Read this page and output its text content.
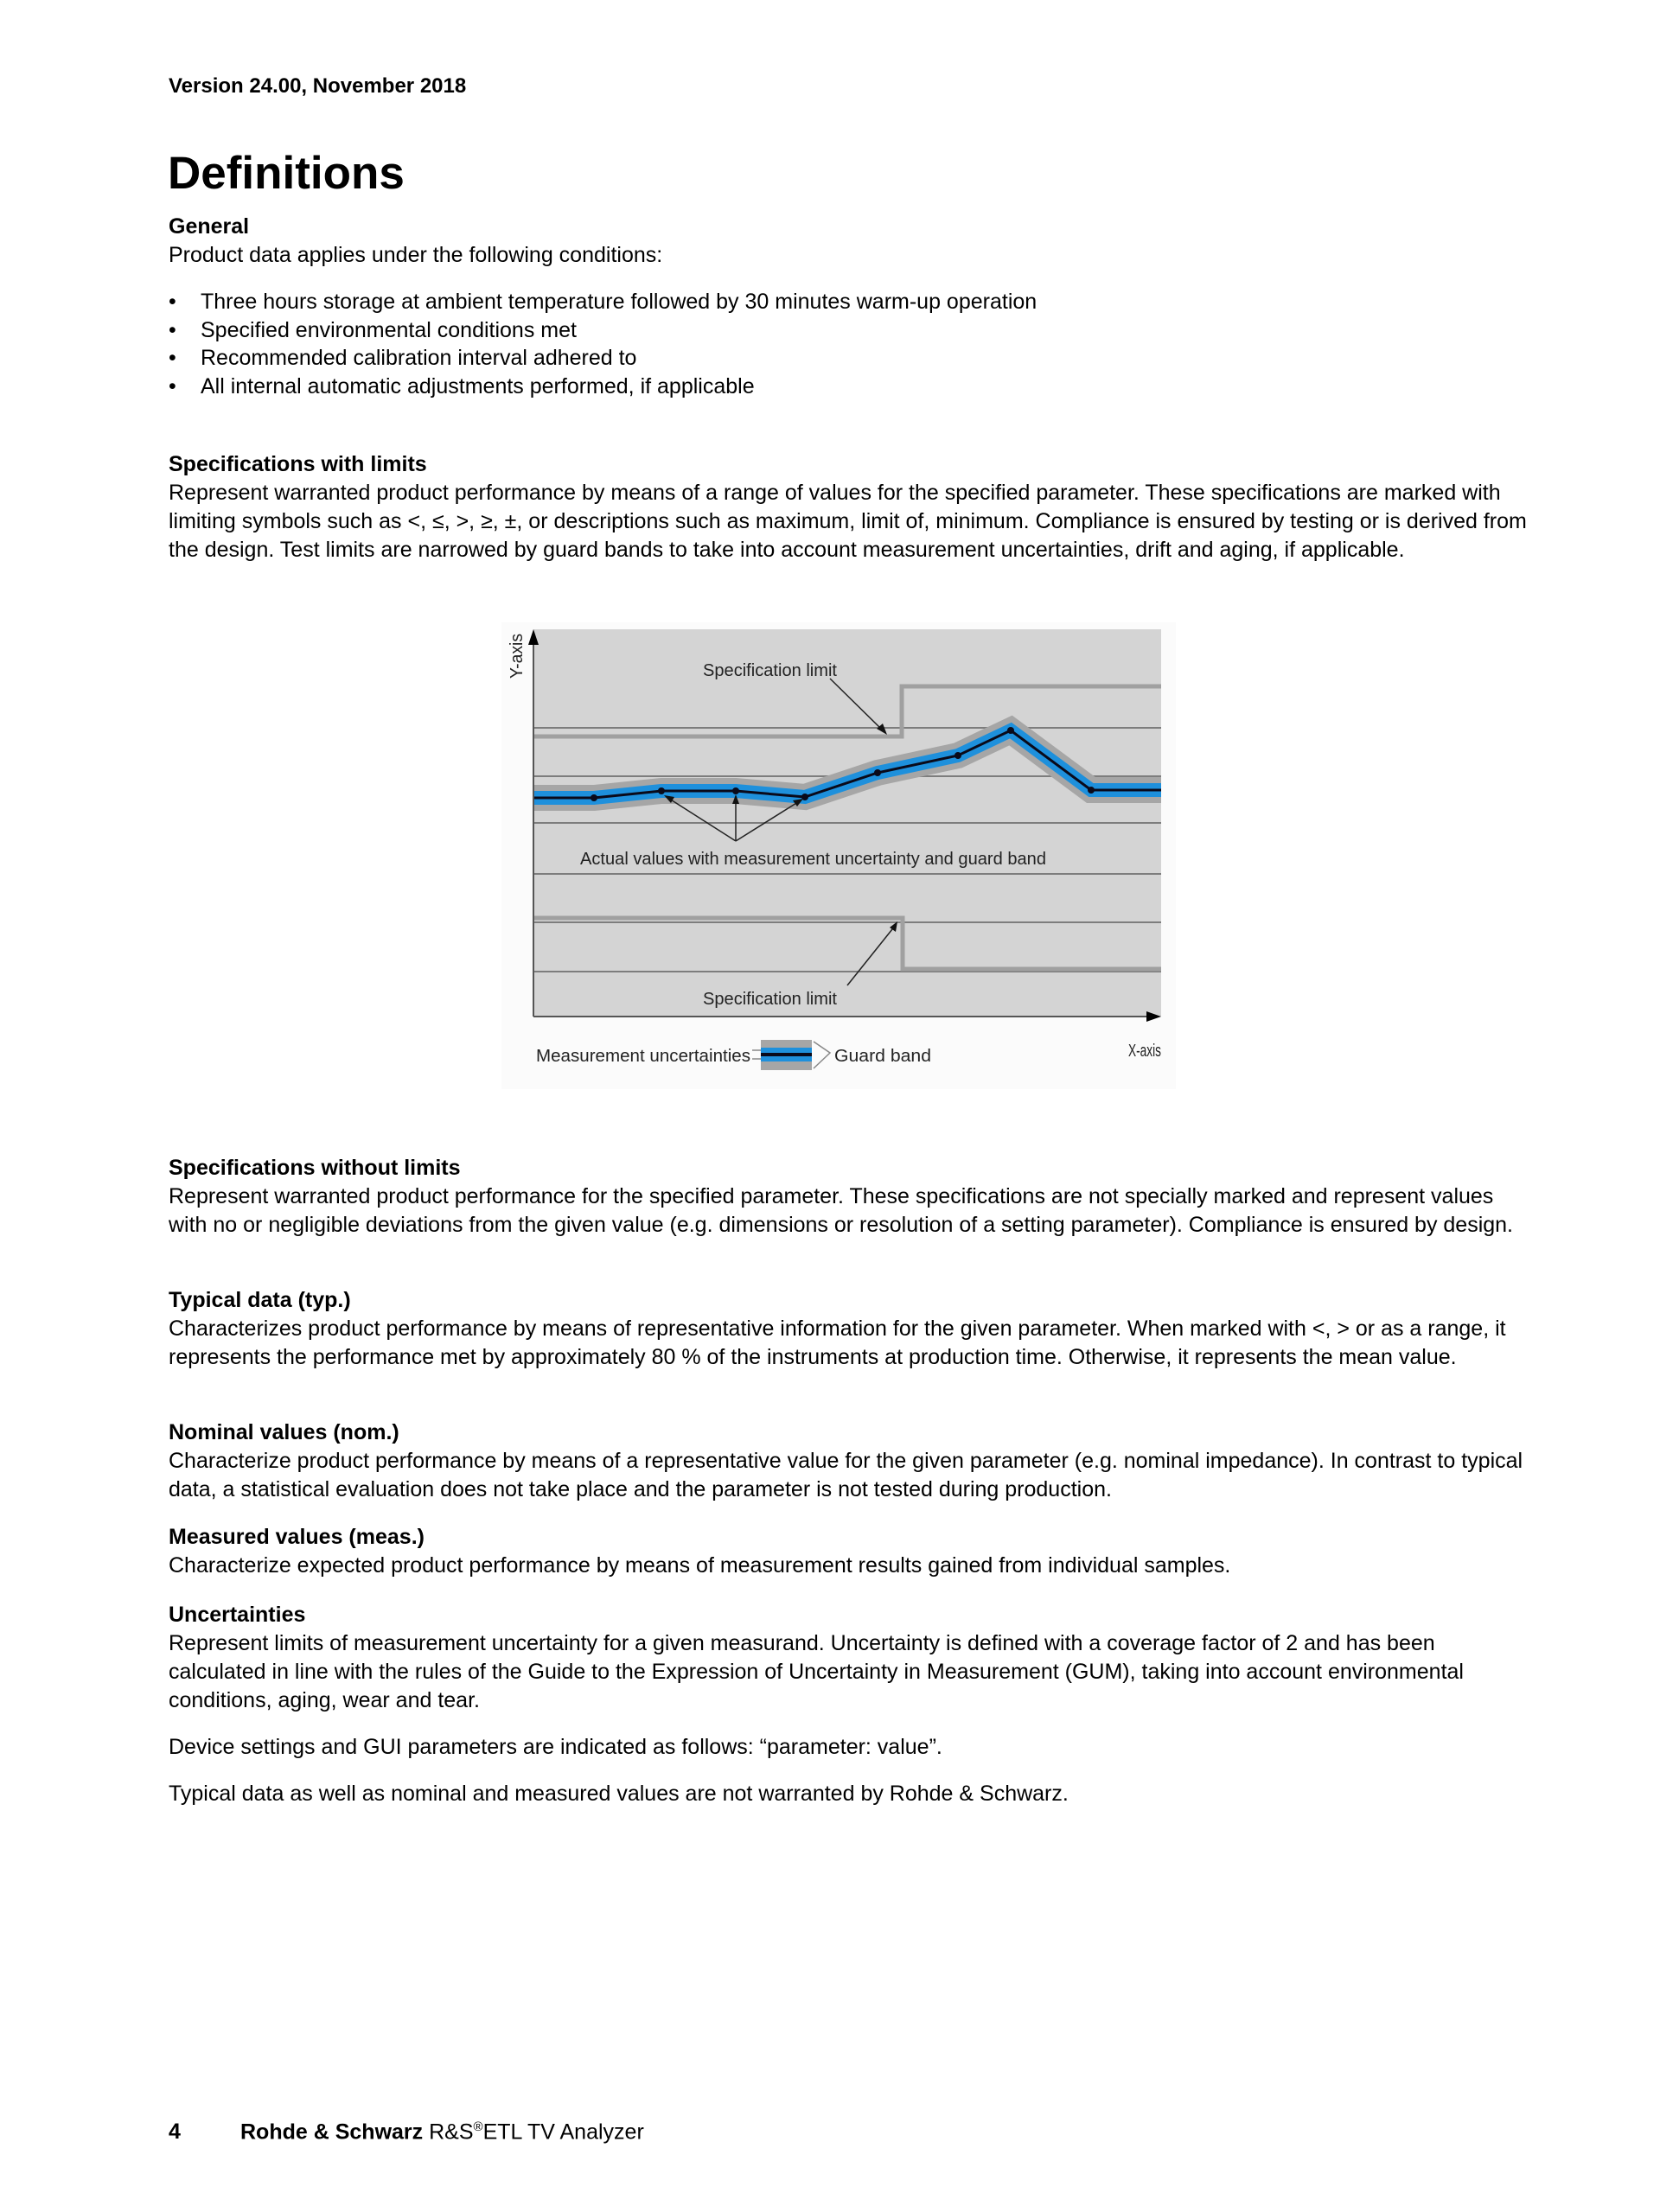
Version 24.00, November 2018
Definitions
General
Product data applies under the following conditions:
• Three hours storage at ambient temperature followed by 30 minutes warm-up operation
• Specified environmental conditions met
• Recommended calibration interval adhered to
• All internal automatic adjustments performed, if applicable
Specifications with limits
Represent warranted product performance by means of a range of values for the specified parameter. These specifications are marked with limiting symbols such as <, ≤, >, ≥, ±, or descriptions such as maximum, limit of, minimum. Compliance is ensured by testing or is derived from the design. Test limits are narrowed by guard bands to take into account measurement uncertainties, drift and aging, if applicable.
Specification limit
Actual values with measurement uncertainty and guard band
Specification limit
X-axis
Measurement uncertainties	Guard band
Y-axis
Specifications without limits
Represent warranted product performance for the specified parameter. These specifications are not specially marked and represent values with no or negligible deviations from the given value (e.g. dimensions or resolution of a setting parameter). Compliance is ensured by design.
Typical data (typ.)
Characterizes product performance by means of representative information for the given parameter. When marked with <, > or as a range, it represents the performance met by approximately 80 % of the instruments at production time. Otherwise, it represents the mean value.
Nominal values (nom.)
Characterize product performance by means of a representative value for the given parameter (e.g. nominal impedance). In contrast to typical data, a statistical evaluation does not take place and the parameter is not tested during production.
Measured values (meas.)
Characterize expected product performance by means of measurement results gained from individual samples.
Uncertainties
Represent limits of measurement uncertainty for a given measurand. Uncertainty is defined with a coverage factor of 2 and has been calculated in line with the rules of the Guide to the Expression of Uncertainty in Measurement (GUM), taking into account environmental conditions, aging, wear and tear.
Device settings and GUI parameters are indicated as follows: “parameter: value”.
Typical data as well as nominal and measured values are not warranted by Rohde & Schwarz.
4	Rohde & Schwarz R&S®ETL TV Analyzer
